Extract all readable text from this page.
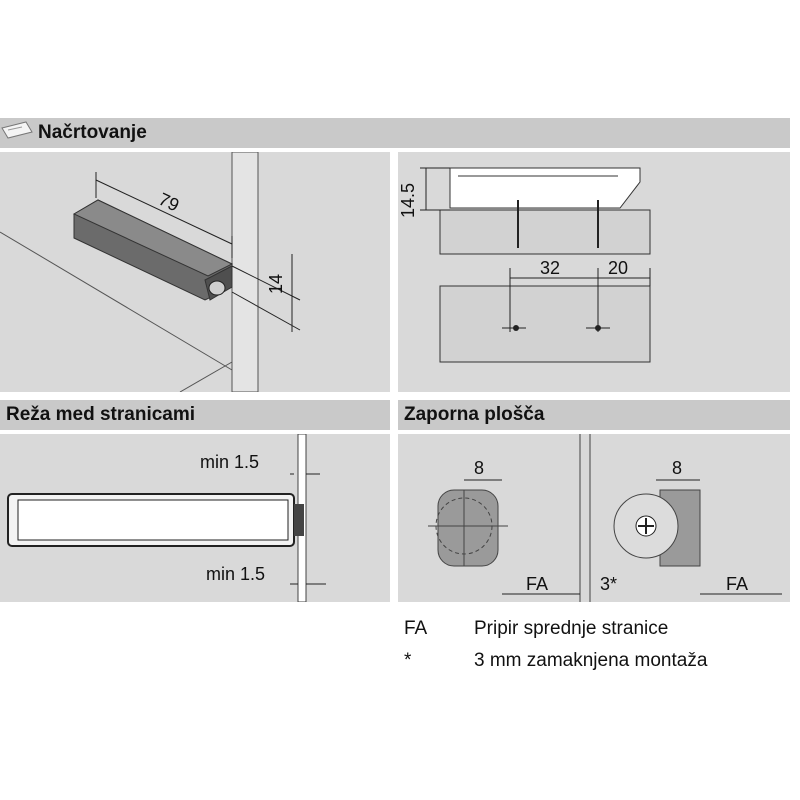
Načrtovanje
79
14
14.5
32	20
Reža med stranicami	Zaporna plošča
min 1.5
min 1.5
8
FA
8
3*	FA
FA Pripir sprednje stranice
*	3 mm zamaknjena montaža
